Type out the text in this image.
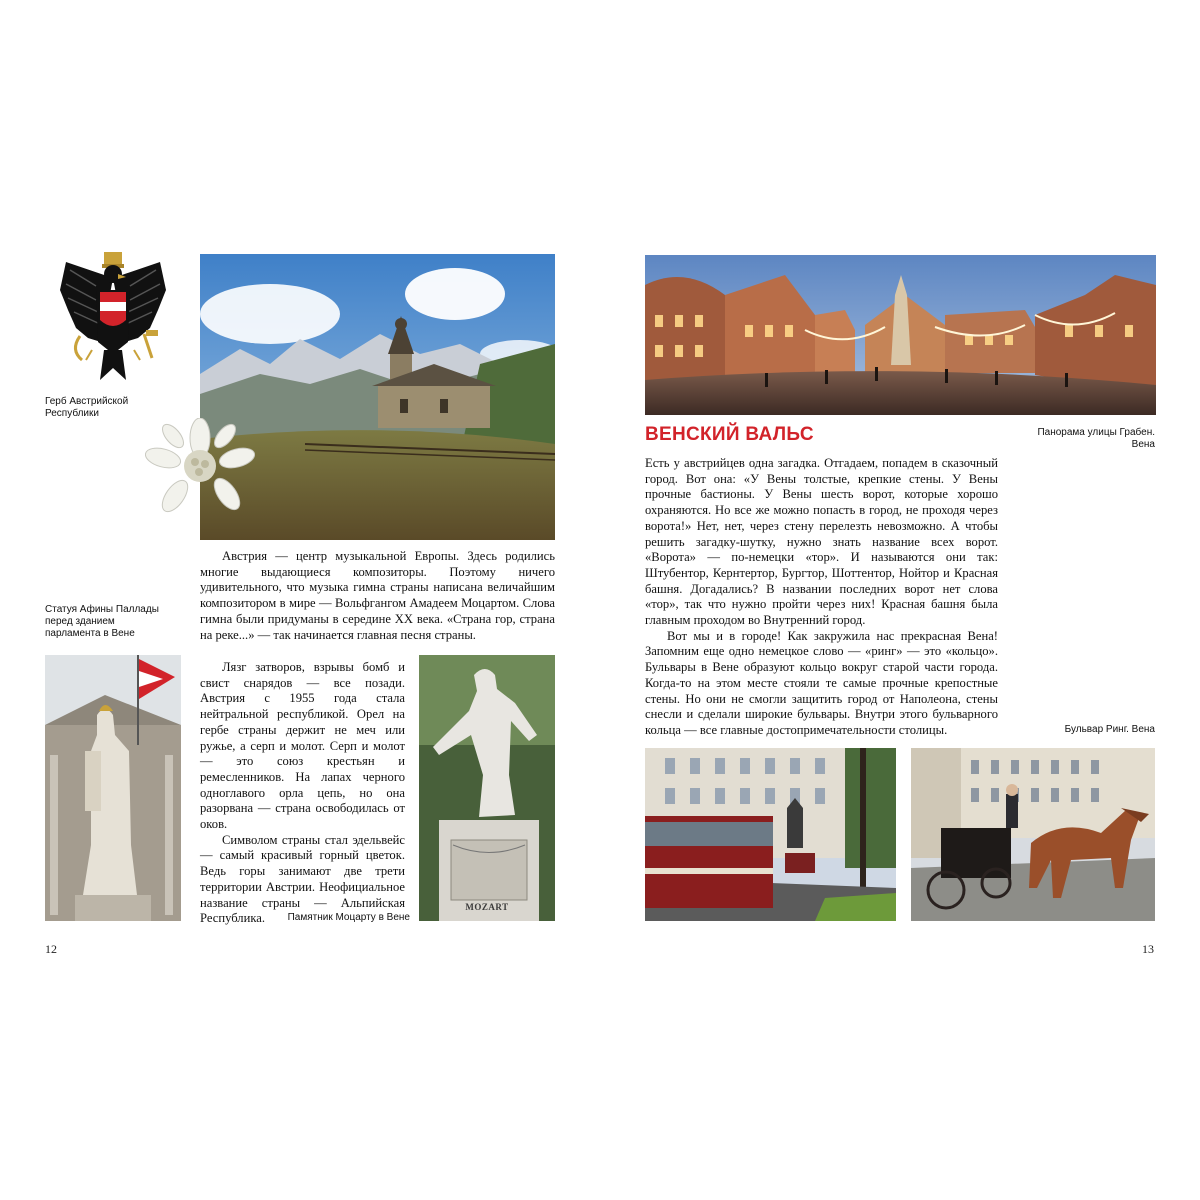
Герб Австрийской Республики

Австрия — центр музыкальной Европы. Здесь родились многие выдающиеся композиторы. Поэтому ничего удивительного, что музыка гимна страны написана величайшим композитором в мире — Вольфгангом Амадеем Моцартом. Слова гимна были придуманы в середине XX века. «Страна гор, страна на реке...» — так начинается главная песня страны.

Статуя Афины Паллады перед зданием парламента в Вене

Лязг затворов, взрывы бомб и свист снарядов — все позади. Австрия с 1955 года стала нейтральной республикой. Орел на гербе страны держит не меч или ружье, а серп и молот. Серп и молот — это союз крестьян и ремесленников. На лапах черного одноглавого орла цепь, но она разорвана — страна освободилась от оков.

Символом страны стал эдельвейс — самый красивый горный цветок. Ведь горы занимают две трети территории Австрии. Неофициальное название страны — Альпийская Республика.	Памятник Моцарту в Вене
MOZART
12
ВЕНСКИЙ ВАЛЬС	Панорама улицы Грабен. Вена

Есть у австрийцев одна загадка. Отгадаем, попадем в сказочный город. Вот она: «У Вены толстые, крепкие стены. У Вены прочные бастионы. У Вены шесть ворот, которые хорошо охраняются. Но все же можно попасть в город, не проходя через ворота!» Нет, нет, через стену перелезть невозможно. А чтобы решить загадку-шутку, нужно знать название всех ворот. «Ворота» — по-немецки «тор». И называются они так: Штубентор, Кернтертор, Бургтор, Шоттентор, Нойтор и Красная башня. Догадались? В названии последних ворот нет слова «тор», так что нужно пройти через них! Красная башня была главным проходом во Внутренний город.

Вот мы и в городе! Как закружила нас прекрасная Вена! Запомним еще одно немецкое слово — «ринг» — это «кольцо». Бульвары в Вене образуют кольцо вокруг старой части города. Когда-то на этом месте стояли те самые прочные крепостные стены. Но они не смогли защитить город от Наполеона, стены снесли и сделали широкие бульвары. Внутри этого бульварного кольца — все главные достопримечательности столицы.	Бульвар Ринг. Вена
13
